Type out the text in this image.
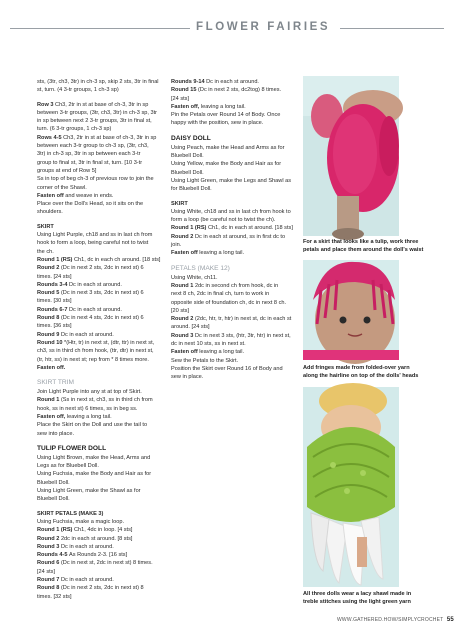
FLOWER FAIRIES
sts, (3tr, ch3, 3tr) in ch-3 sp, skip 2 sts, 3tr in final
st, turn. (4 3-tr groups, 1 ch-3 sp)
Row 3 Ch3, 2tr in st at base of ch-3, 3tr in sp
between 3-tr groups, (3tr, ch3, 3tr) in ch-3 sp, 3tr
in sp between next 2 3-tr groups, 3tr in final st,
turn. (6 3-tr groups, 1 ch-3 sp)
Rows 4-5 Ch3, 2tr in st at base of ch-3, 3tr in sp
between each 3-tr group to ch-3 sp, (3tr, ch3,
3tr) in ch-3 sp, 3tr in sp between each 3-tr
group to final st, 3tr in final st, turn. [10 3-tr
groups at end of Row 5]
Ss in top of beg ch-3 of previous row to join the
corner of the Shawl.
Fasten off and weave in ends.
Place over the Doll's Head, so it sits on the
shoulders.
SKIRT
Using Light Purple, ch18 and ss in last ch from
hook to form a loop, being careful not to twist
the ch.
Round 1 (RS) Ch1, dc in each ch around. [18 sts]
Round 2 (Dc in next 2 sts, 2dc in next st) 6
times. [24 sts]
Rounds 3-4 Dc in each st around.
Round 5 (Dc in next 3 sts, 2dc in next st) 6
times. [30 sts]
Rounds 6-7 Dc in each st around.
Round 8 (Dc in next 4 sts, 2dc in next st) 6
times. [36 sts]
Round 9 Dc in each st around.
Round 10 *(Htr, tr) in next st, (dtr, ttr) in next st,
ch3, ss in third ch from hook, (ttr, dtr) in next st,
(tr, htr, ss) in next st; rep from * 8 times more.
Fasten off.
SKIRT TRIM
Join Light Purple into any st at top of Skirt.
Round 1 (Ss in next st, ch3, ss in third ch from
hook, ss in next st) 6 times, ss in beg ss.
Fasten off, leaving a long tail.
Place the Skirt on the Doll and use the tail to
sew into place.
TULIP FLOWER DOLL
Using Light Brown, make the Head, Arms and
Legs as for Bluebell Doll.
Using Fuchsia, make the Body and Hair as for
Bluebell Doll.
Using Light Green, make the Shawl as for
Bluebell Doll.
SKIRT PETALS (MAKE 3)
Using Fuchsia, make a magic loop.
Round 1 (RS) Ch1, 4dc in loop. [4 sts]
Round 2 2dc in each st around. [8 sts]
Round 3 Dc in each st around.
Rounds 4-5 As Rounds 2-3. [16 sts]
Round 6 (Dc in next st, 2dc in next st) 8 times.
[24 sts]
Round 7 Dc in each st around.
Round 8 (Dc in next 2 sts, 2dc in next st) 8
times. [32 sts]
Rounds 9-14 Dc in each st around.
Round 15 (Dc in next 2 sts, dc2tog) 8 times.
[24 sts]
Fasten off, leaving a long tail.
Pin the Petals over Round 14 of Body. Once
happy with the position, sew in place.
DAISY DOLL
Using Peach, make the Head and Arms as for
Bluebell Doll.
Using Yellow, make the Body and Hair as for
Bluebell Doll.
Using Light Green, make the Legs and Shawl as
for Bluebell Doll.
SKIRT
Using White, ch18 and ss in last ch from hook to
form a loop (be careful not to twist the ch).
Round 1 (RS) Ch1, dc in each st around. [18 sts]
Round 2 Dc in each st around, ss in first dc to
join.
Fasten off leaving a long tail.
PETALS (MAKE 12)
Using White, ch11.
Round 1 2dc in second ch from hook, dc in
next 8 ch, 2dc in final ch, turn to work in
opposite side of foundation ch, dc in next 8 ch.
[20 sts]
Round 2 (2dc, htr, tr, htr) in next st, dc in each st
around. [24 sts]
Round 3 Dc in next 3 sts, (htr, 3tr, htr) in next st,
dc in next 10 sts, ss in next st.
Fasten off leaving a long tail.
Sew the Petals to the Skirt.
Position the Skirt over Round 16 of Body and
sew in place.
For a skirt that looks like a tulip, work three
petals and place them around the doll's waist
Add fringes made from folded-over yarn
along the hairline on top of the dolls' heads
All three dolls wear a lacy shawl made in
treble stitches using the light green yarn
WWW.GATHERED.HOW/SIMPLYCROCHET 55
